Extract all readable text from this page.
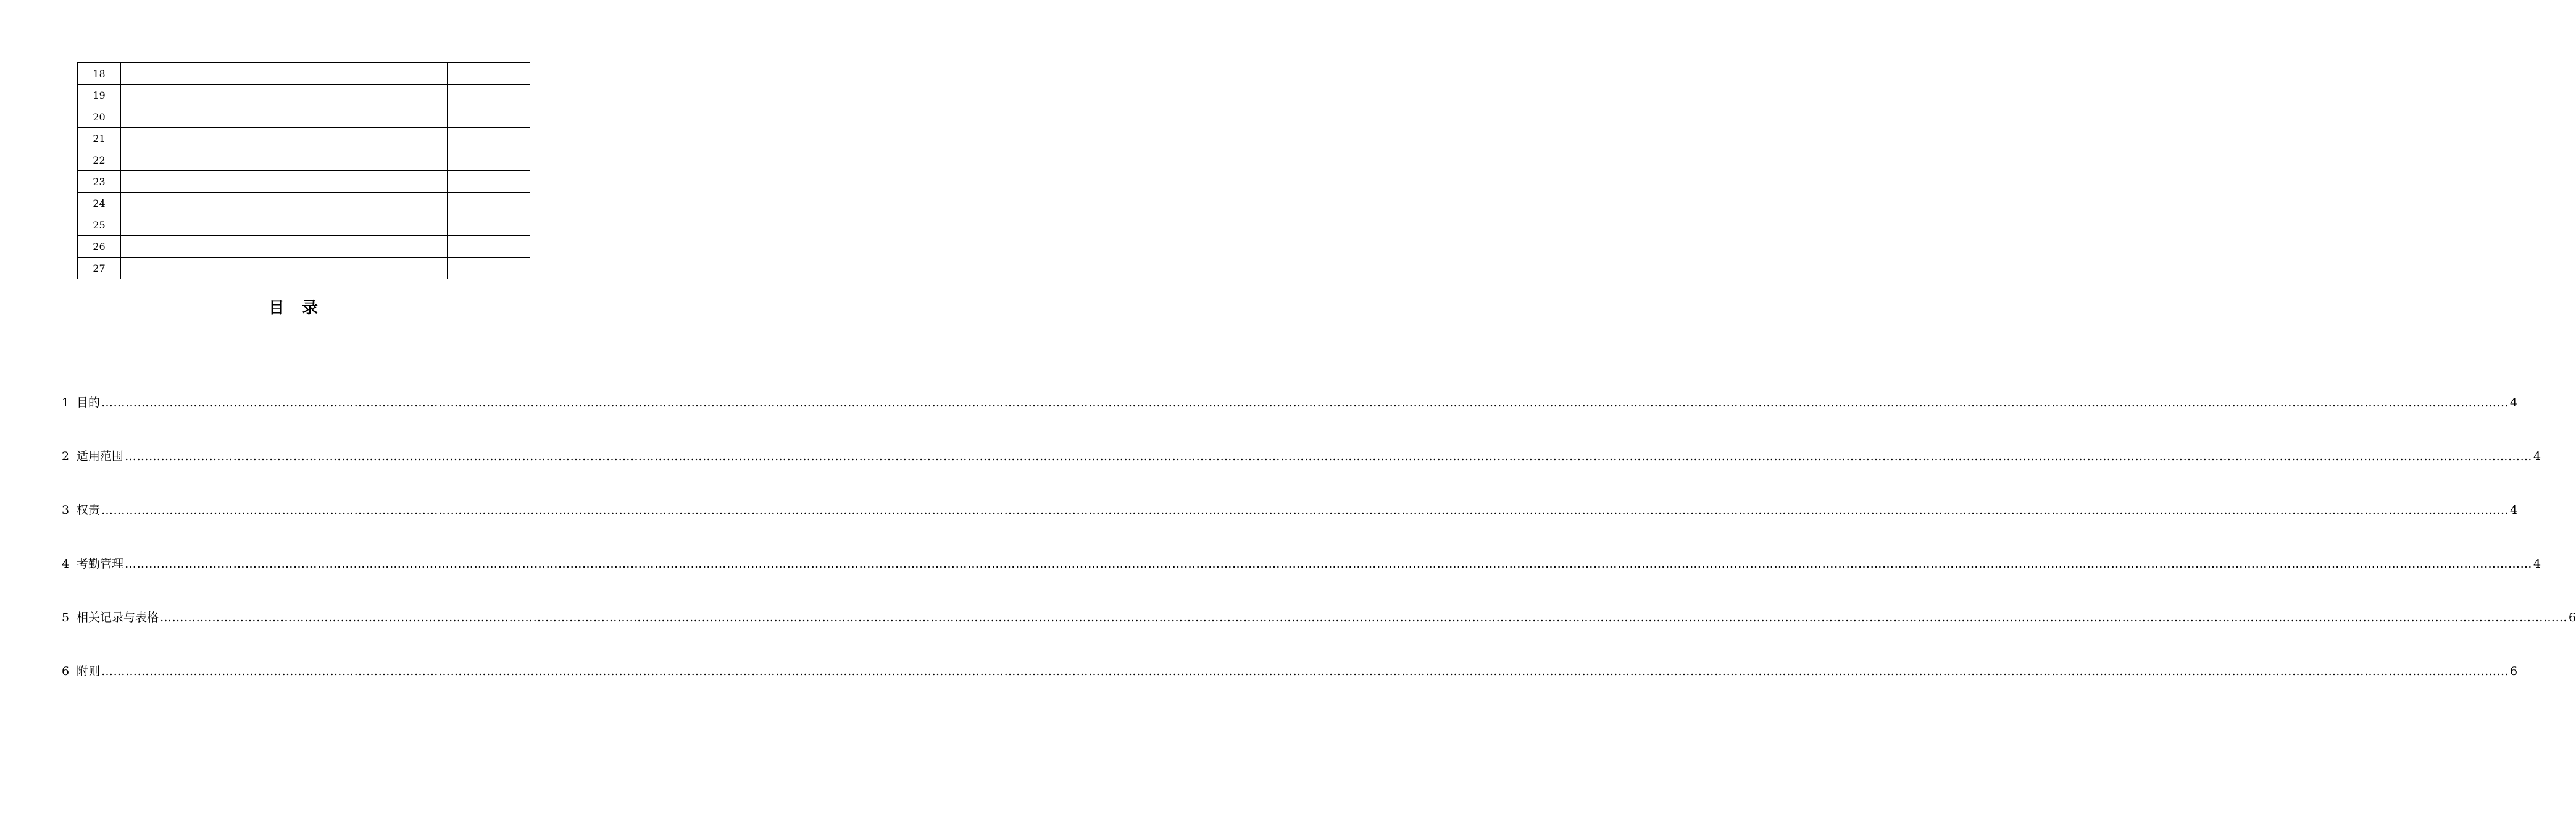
18		
19		
20		
21		
22		
23		
24		
25		
26		
27		
目录
1 目的 …………………………………………………………………………………………………………………………………………………………………………………………………………………………………………………………………………………………………………………………………………………………………………………………………………………………………………………………………………………………………………………………………………………… 4
2 适用范围 …………………………………………………………………………………………………………………………………………………………………………………………………………………………………………………………………………………………………………………………………………………………………………………………………………………………………………………………………………………………………………………………………………………… 4
3 权责 …………………………………………………………………………………………………………………………………………………………………………………………………………………………………………………………………………………………………………………………………………………………………………………………………………………………………………………………………………………………………………………………………………………… 4
4 考勤管理 …………………………………………………………………………………………………………………………………………………………………………………………………………………………………………………………………………………………………………………………………………………………………………………………………………………………………………………………………………………………………………………………………………………… 4
5 相关记录与表格 …………………………………………………………………………………………………………………………………………………………………………………………………………………………………………………………………………………………………………………………………………………………………………………………………………………………………………………………………………………………………………………………………………………… 6
6 附则 …………………………………………………………………………………………………………………………………………………………………………………………………………………………………………………………………………………………………………………………………………………………………………………………………………………………………………………………………………………………………………………………………………………… 6
